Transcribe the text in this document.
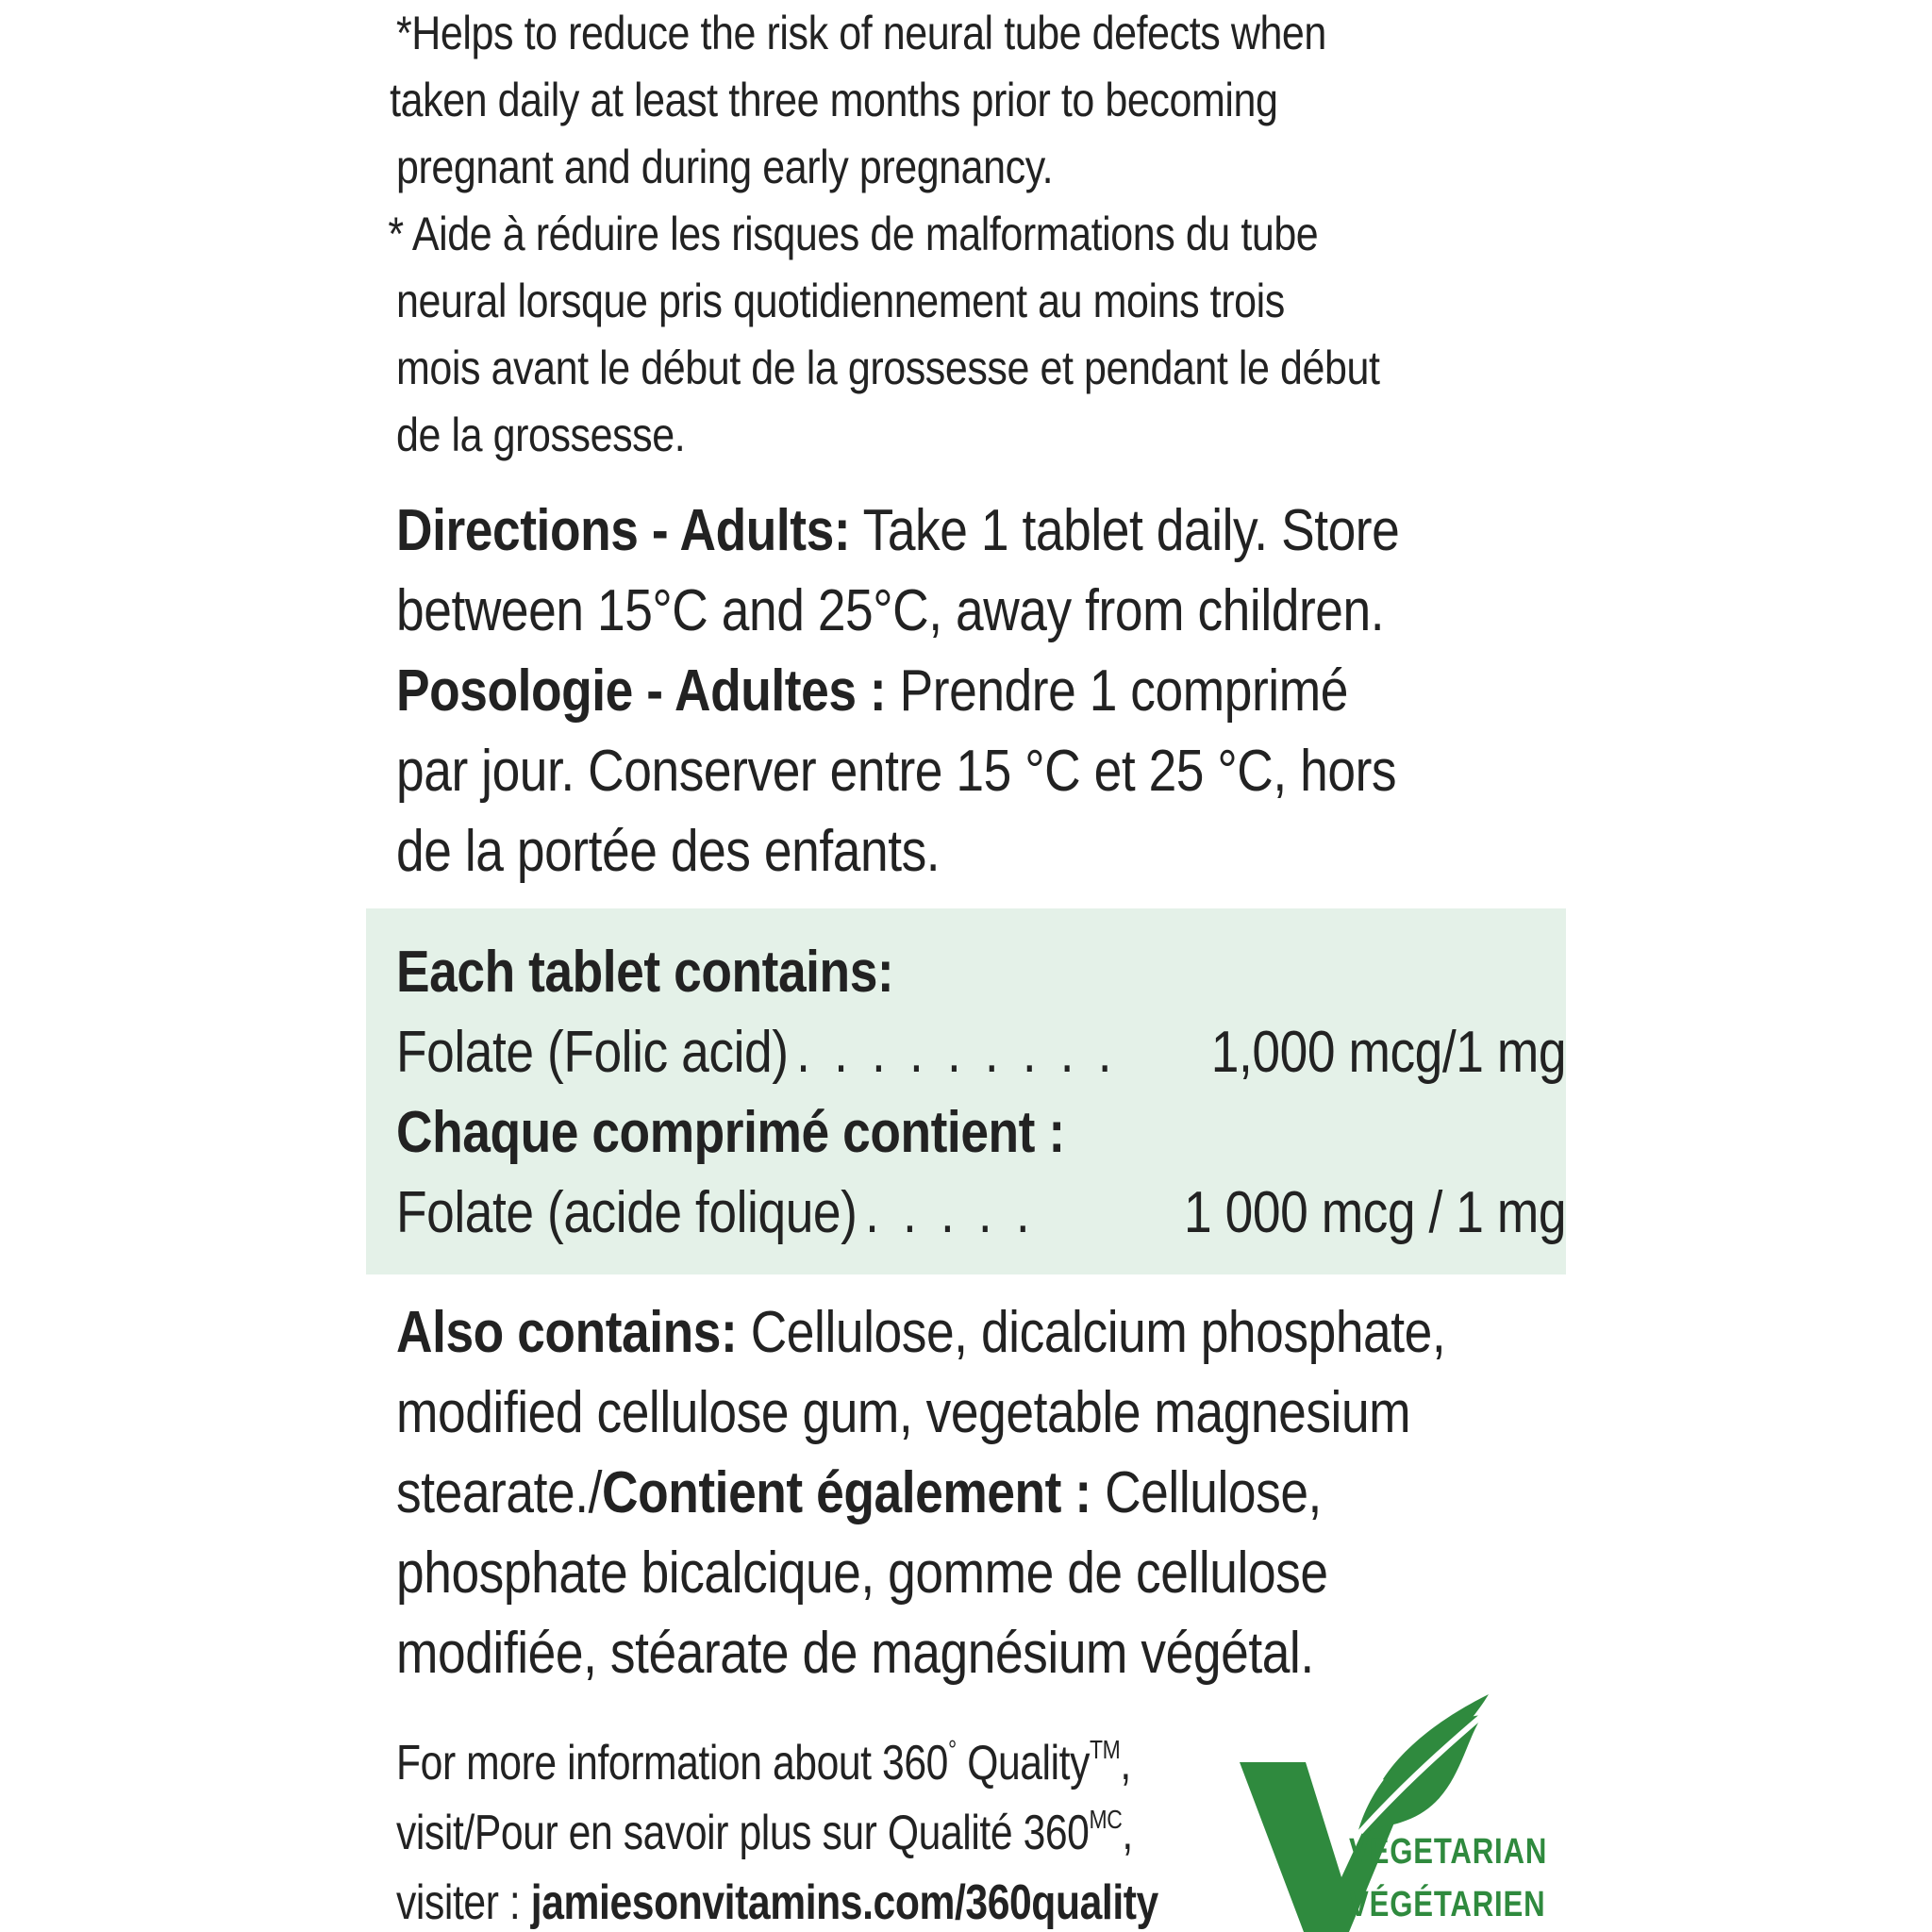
*Helps to reduce the risk of neural tube defects when

taken daily at least three months prior to becoming

pregnant and during early pregnancy.

* Aide à réduire les risques de malformations du tube

neural lorsque pris quotidiennement au moins trois

mois avant le début de la grossesse et pendant le début

de la grossesse.

Directions - Adults: Take 1 tablet daily. Store

between 15°C and 25°C, away from children.

Posologie - Adultes : Prendre 1 comprimé

par jour. Conserver entre 15 °C et 25 °C, hors

de la portée des enfants.

Each tablet contains:

Folate (Folic acid) . . . . . . . . .	1,000 mcg/1 mg

Chaque comprimé contient :

Folate (acide folique) . . . . .	1 000 mcg / 1 mg

Also contains: Cellulose, dicalcium phosphate,

modified cellulose gum, vegetable magnesium

stearate./Contient également : Cellulose,

phosphate bicalcique, gomme de cellulose

modifiée, stéarate de magnésium végétal.

For more information about 360° Quality™,

visit/Pour en savoir plus sur Qualité $360^{MC}$,

visiter : jamiesonvitamins.com/360quality

VEGETARIAN
VÉGÉTARIEN
